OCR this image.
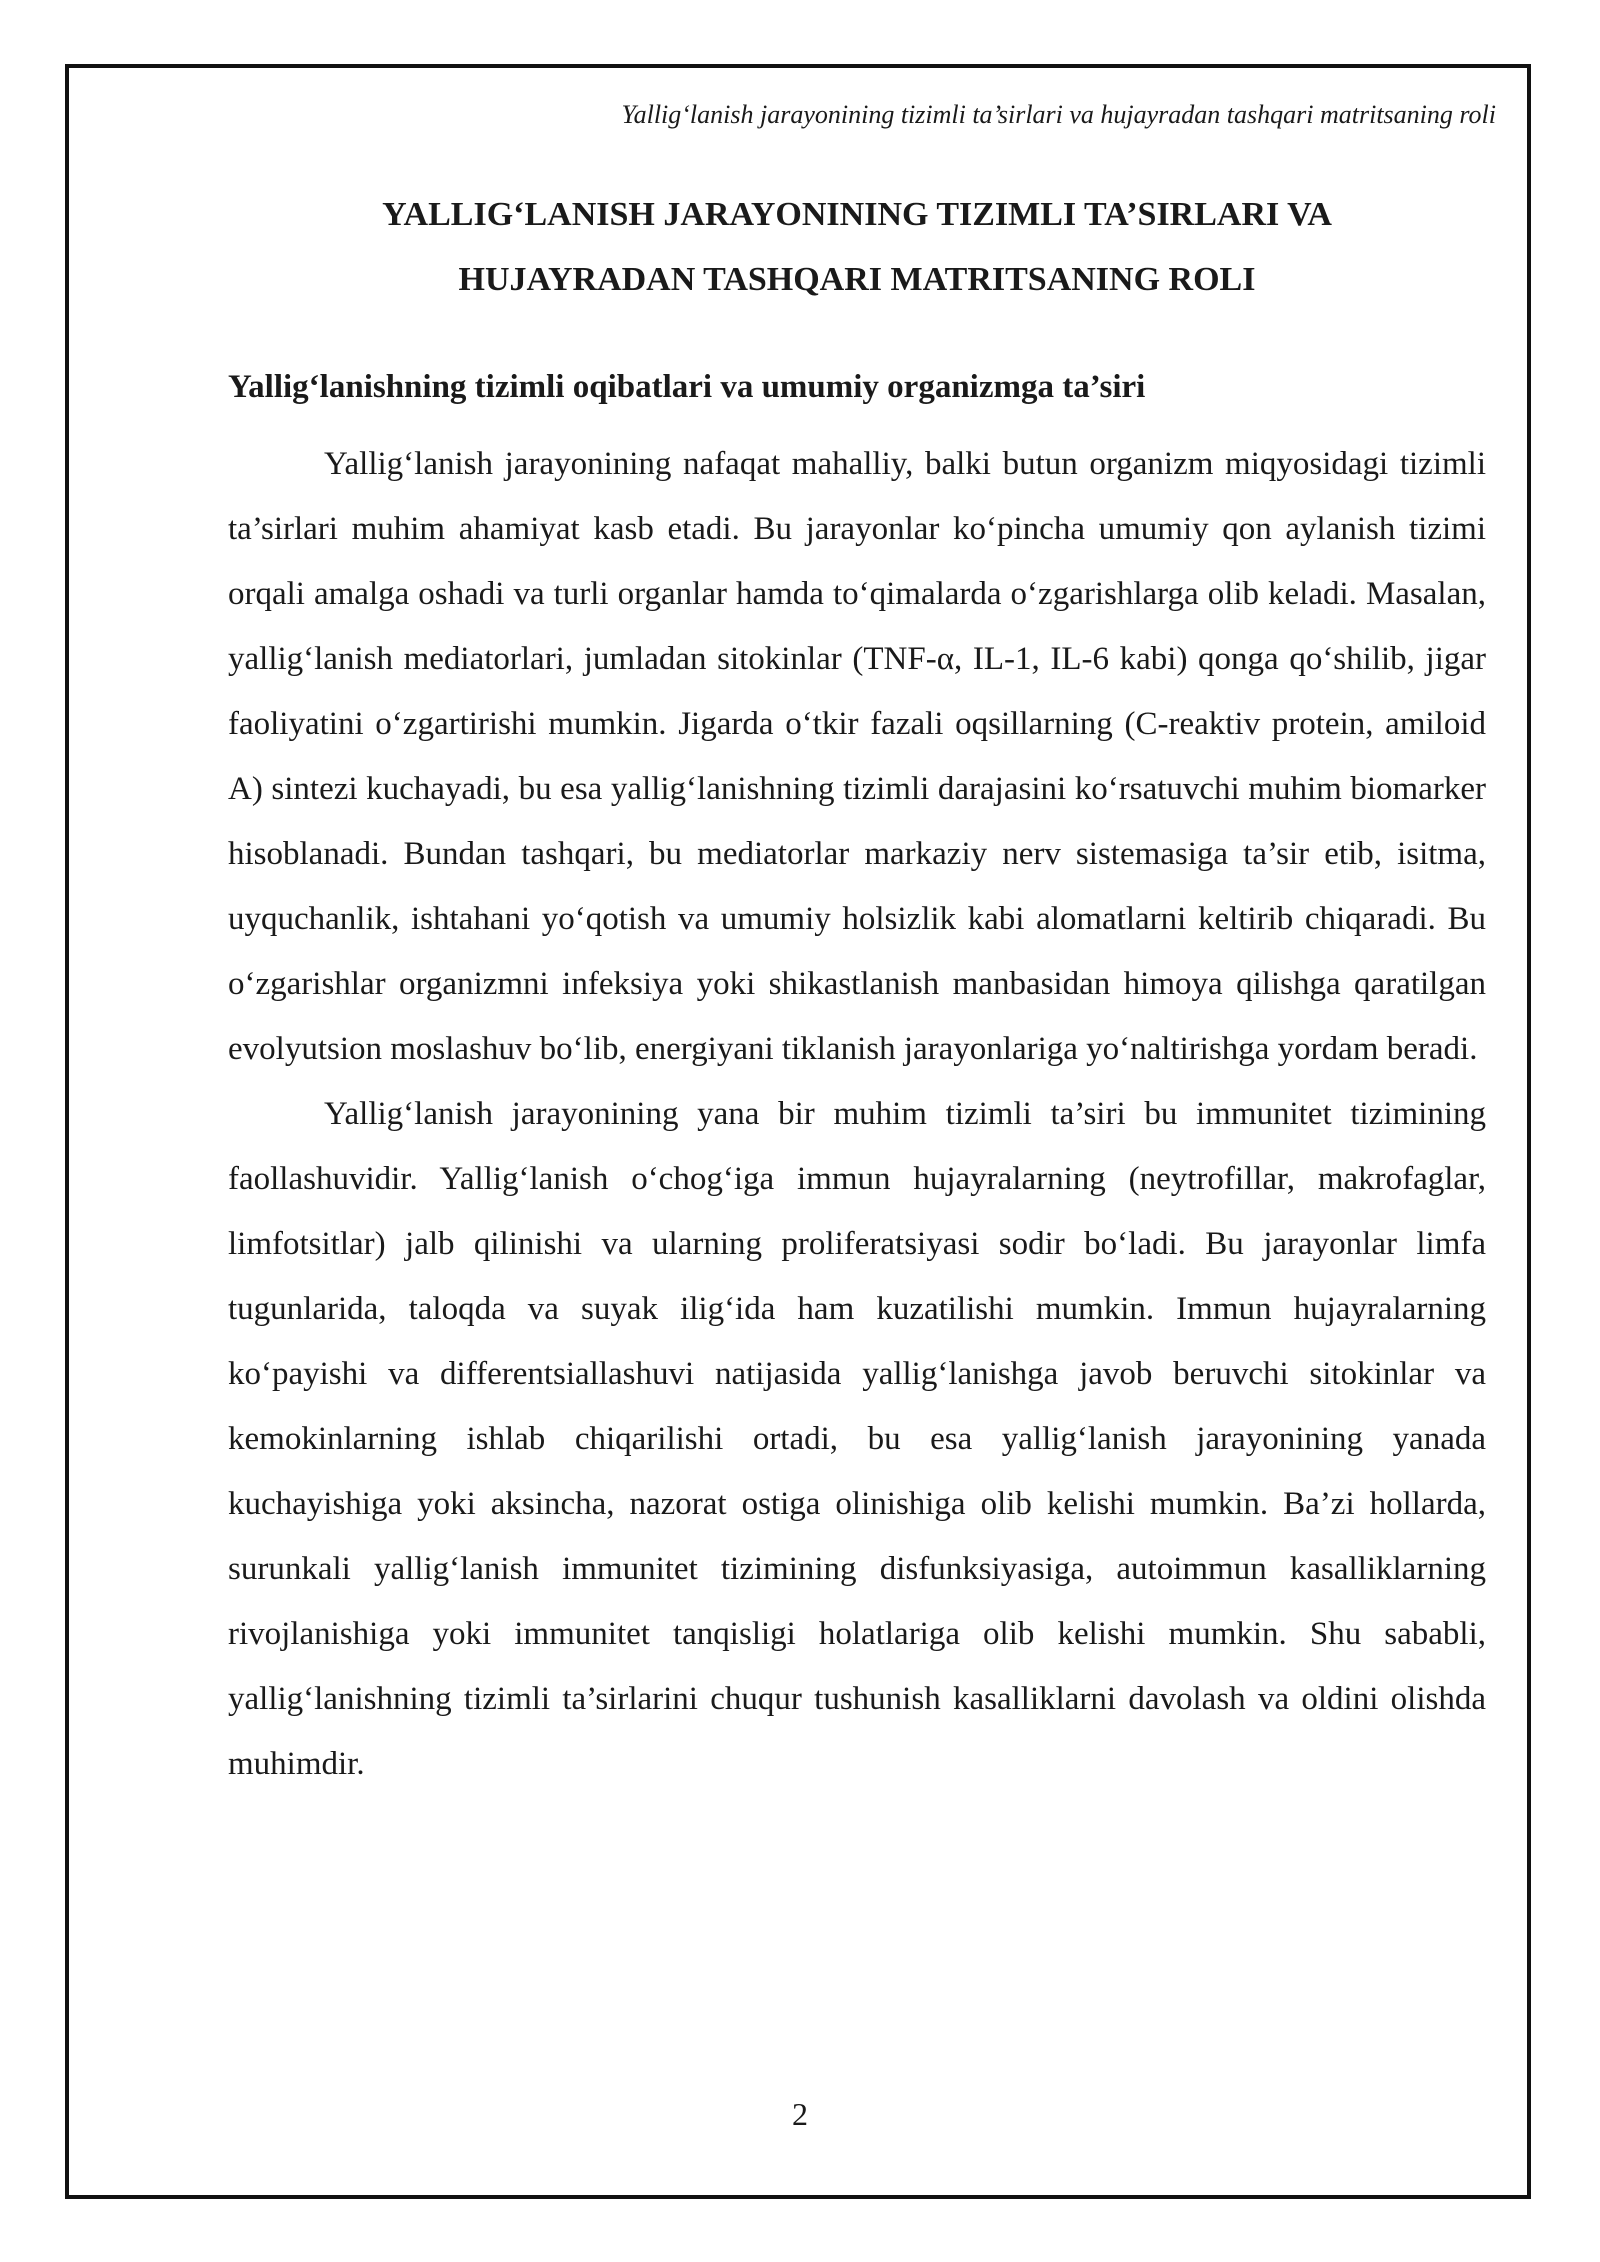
Yallig‘lanish jarayonining tizimli ta’sirlari va hujayradan tashqari matritsaning roli
YALLIG‘LANISH JARAYONINING TIZIMLI TA’SIRLARI VA
HUJAYRADAN TASHQARI MATRITSANING ROLI
Yallig‘lanishning tizimli oqibatlari va umumiy organizmga ta’siri

Yallig‘lanish jarayonining nafaqat mahalliy, balki butun organizm miqyosidagi tizimli ta’sirlari muhim ahamiyat kasb etadi. Bu jarayonlar ko‘pincha umumiy qon aylanish tizimi orqali amalga oshadi va turli organlar hamda to‘qimalarda o‘zgarishlarga olib keladi. Masalan, yallig‘lanish mediatorlari, jumladan sitokinlar (TNF-α, IL-1, IL-6 kabi) qonga qo‘shilib, jigar faoliyatini o‘zgartirishi mumkin. Jigarda o‘tkir fazali oqsillarning (C-reaktiv protein, amiloid A) sintezi kuchayadi, bu esa yallig‘lanishning tizimli darajasini ko‘rsatuvchi muhim biomarker hisoblanadi. Bundan tashqari, bu mediatorlar markaziy nerv sistemasiga ta’sir etib, isitma, uyquchanlik, ishtahani yo‘qotish va umumiy holsizlik kabi alomatlarni keltirib chiqaradi. Bu o‘zgarishlar organizmni infeksiya yoki shikastlanish manbasidan himoya qilishga qaratilgan evolyutsion moslashuv bo‘lib, energiyani tiklanish jarayonlariga yo‘naltirishga yordam beradi.

Yallig‘lanish jarayonining yana bir muhim tizimli ta’siri bu immunitet tizimining faollashuvidir. Yallig‘lanish o‘chog‘iga immun hujayralarning (neytrofillar, makrofaglar, limfotsitlar) jalb qilinishi va ularning proliferatsiyasi sodir bo‘ladi. Bu jarayonlar limfa tugunlarida, taloqda va suyak ilig‘ida ham kuzatilishi mumkin. Immun hujayralarning ko‘payishi va differentsiallashuvi natijasida yallig‘lanishga javob beruvchi sitokinlar va kemokinlarning ishlab chiqarilishi ortadi, bu esa yallig‘lanish jarayonining yanada kuchayishiga yoki aksincha, nazorat ostiga olinishiga olib kelishi mumkin. Ba’zi hollarda, surunkali yallig‘lanish immunitet tizimining disfunksiyasiga, autoimmun kasalliklarning rivojlanishiga yoki immunitet tanqisligi holatlariga olib kelishi mumkin. Shu sababli, yallig‘lanishning tizimli ta’sirlarini chuqur tushunish kasalliklarni davolash va oldini olishda muhimdir.

2
